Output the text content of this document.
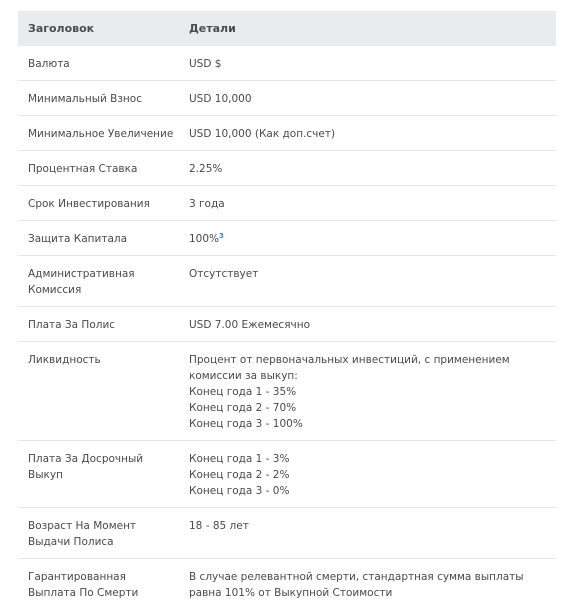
Заголовок	Детали
Валюта	USD $

Минимальный Взнос	USD 10,000

Минимальное Увеличение	USD 10,000 (Как доп.счет)

Процентная Ставка	2.25%

Срок Инвестирования	3 года

Защита Капитала	100%$^3$

Административная Комиссия	Отсутствует

Плата За Полис	USD 7.00 Ежемесячно

Ликвидность	Процент от первоначальных инвестиций, с применением комиссии за выкуп:
Конец года 1 - 35%
Конец года 2 - 70%
Конец года 3 - 100%

Плата За Досрочный Выкуп	Конец года 1 - 3%
Конец года 2 - 2%
Конец года 3 - 0%

Возраст На Момент Выдачи Полиса	18 - 85 лет

Гарантированная Выплата По Смерти	В случае релевантной смерти, стандартная сумма выплаты равна 101% от Выкупной Стоимости
